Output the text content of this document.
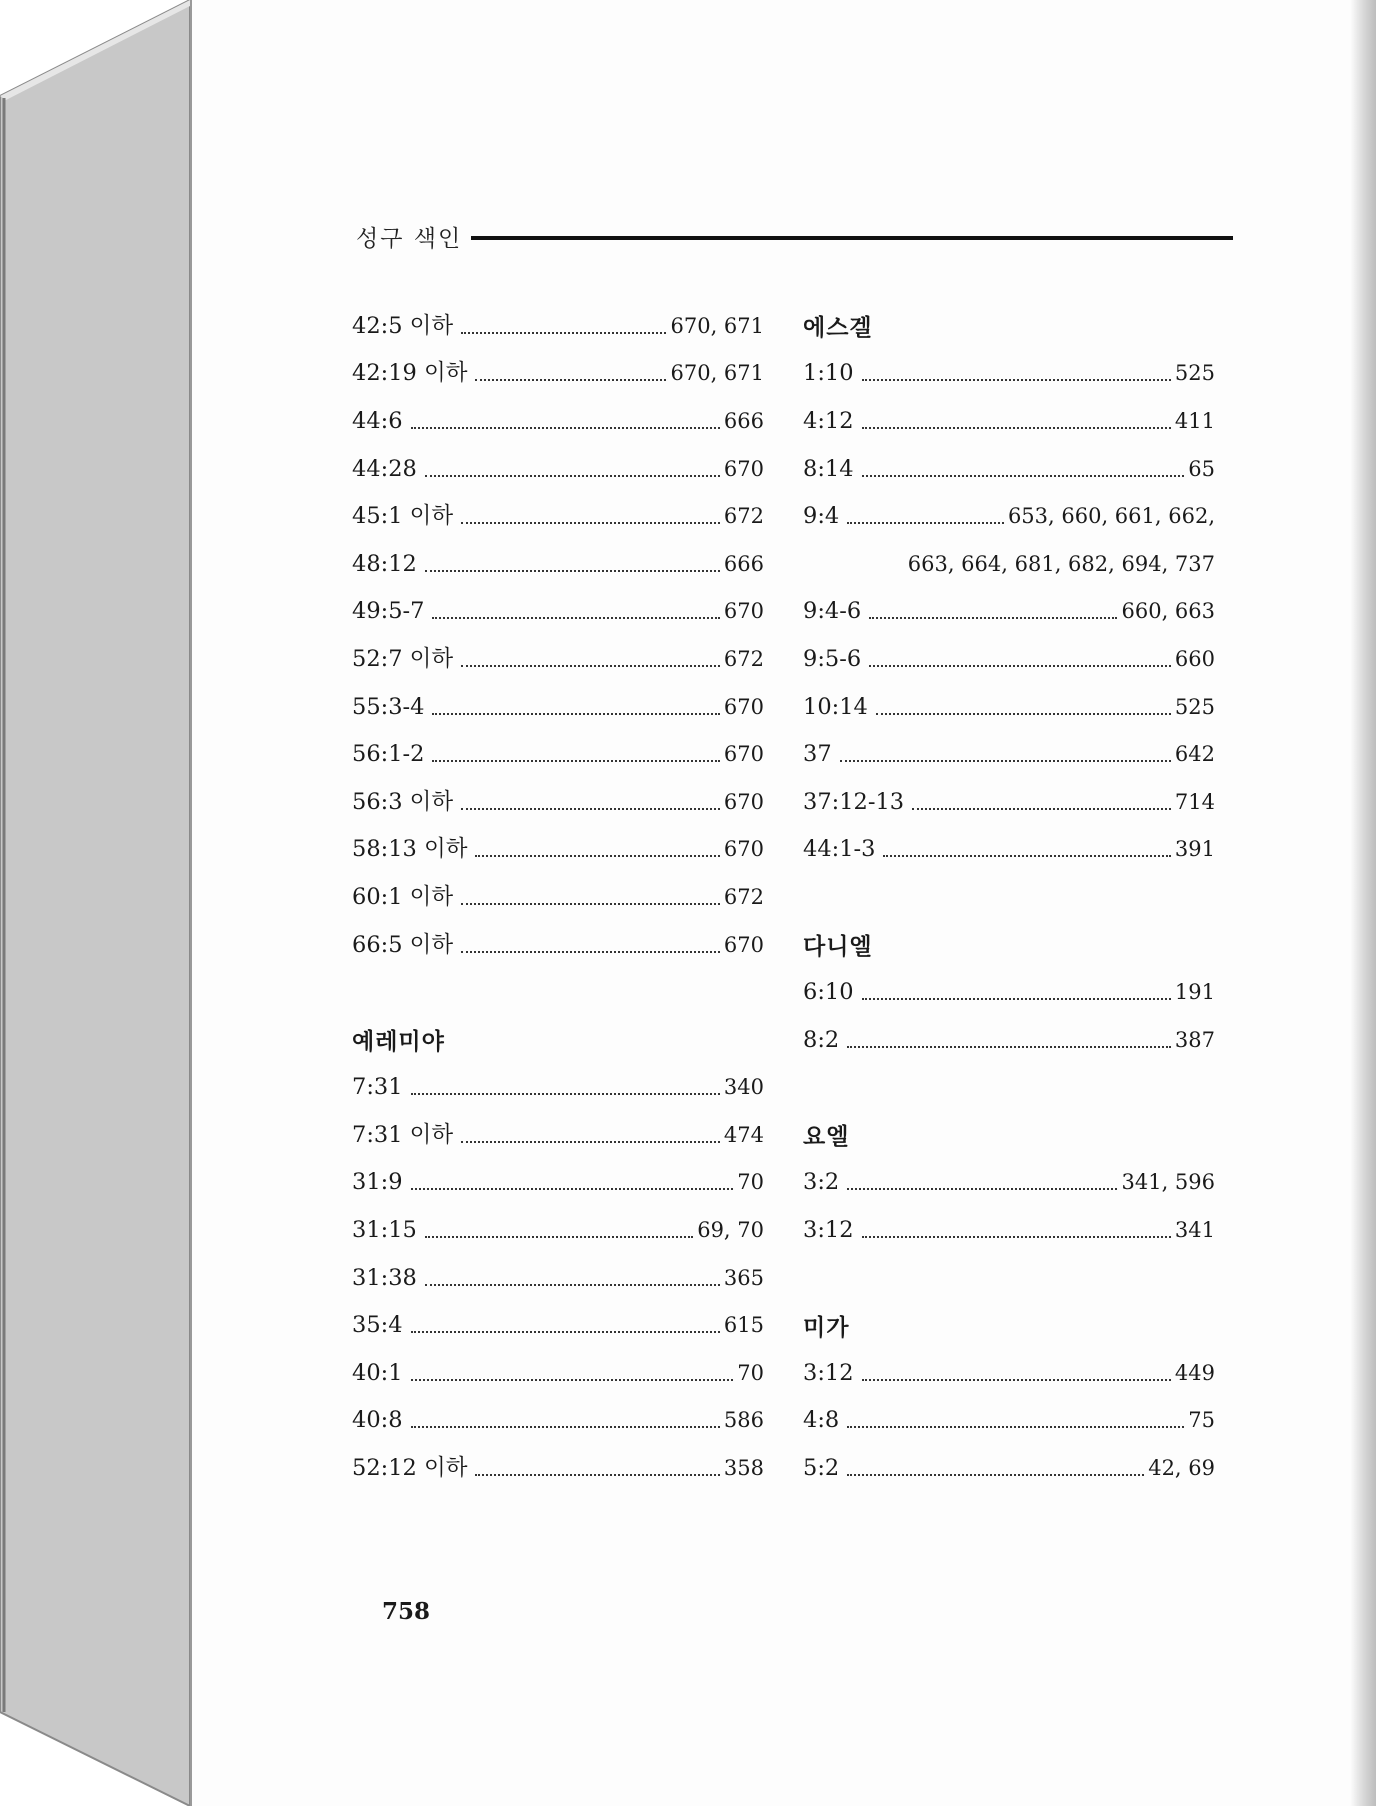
성구 색인
42:5 이하	670, 671
42:19 이하	670, 671
44:6	666
44:28	670
45:1 이하	672
48:12	666
49:5-7	670
52:7 이하	672
55:3-4	670
56:1-2	670
56:3 이하	670
58:13 이하	670
60:1 이하	672
66:5 이하	670
예레미야
7:31	340
7:31 이하	474
31:9	70
31:15	69, 70
31:38	365
35:4	615
40:1	70
40:8	586
52:12 이하	358
에스겔
1:10	525
4:12	411
8:14	65
9:4	653, 660, 661, 662,
663, 664, 681, 682, 694, 737
9:4-6	660, 663
9:5-6	660
10:14	525
37	642
37:12-13	714
44:1-3	391
다니엘
6:10	191
8:2	387
요엘
3:2	341, 596
3:12	341
미가
3:12	449
4:8	75
5:2	42, 69
758
